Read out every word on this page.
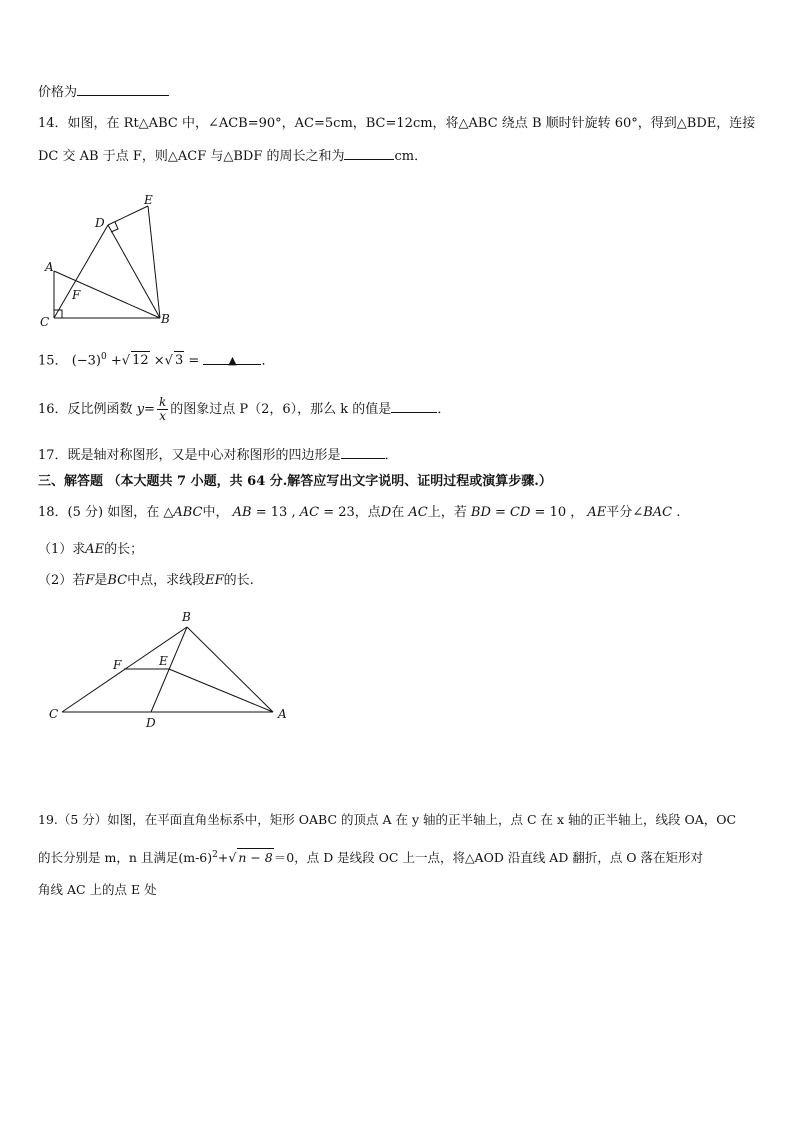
价格为
14．如图，在 Rt△ABC 中，∠ACB=90°，AC=5cm，BC=12cm，将△ABC 绕点 B 顺时针旋转 60°，得到△BDE，连接
DC 交 AB 于点 F，则△ACF 与△BDF 的周长之和为	cm．
E
D
A
F
C	B
15． $(-3)^0$ +√ 12 ×√ 3 =	▲ ．
16．反比例函数 $y= \frac{k}{x}$ 的图象过点 P（2，6），那么 k 的值是	．
17．既是轴对称图形，又是中心对称图形的四边形是	．
三、解答题 （本大题共 7 小题，共 64 分.解答应写出文字说明、证明过程或演算步骤.）
18．(5 分) 如图，在 △ABC中， AB = 13 , AC = 23，点D在 AC上，若 BD = CD = 10 ， AE平分∠BAC .
（1）求AE的长；
（2）若F是BC中点，求线段EF的长.
B
F	E
C
D
A
19.（5 分）如图，在平面直角坐标系中，矩形 OABC 的顶点 A 在 y 轴的正半轴上，点 C 在 x 轴的正半轴上，线段 OA，OC
的长分别是 m，n 且满足$(m-6)^2+√$ n − 8＝0，点 D 是线段 OC 上一点，将△AOD 沿直线 AD 翻折，点 O 落在矩形对
角线 AC 上的点 E 处
